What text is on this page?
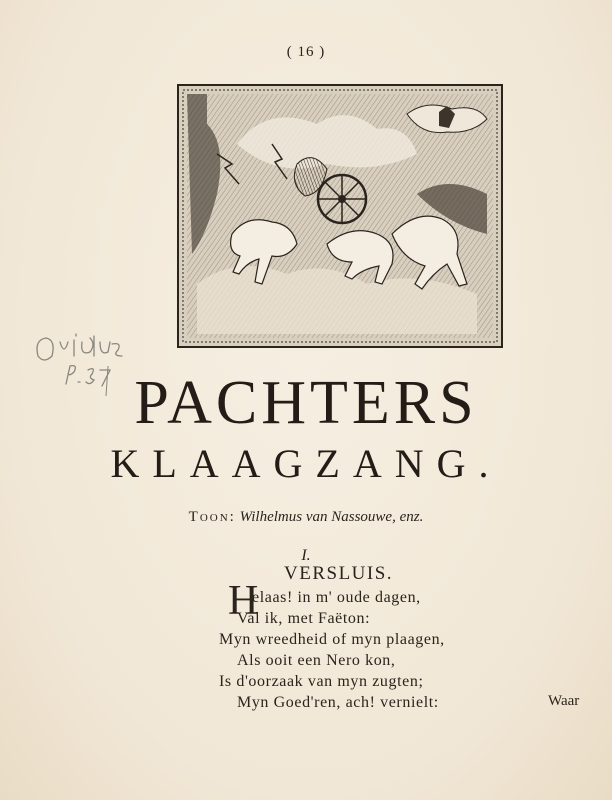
( 16 )
PACHTERS
KLAAGZANG.
Toon: Wilhelmus van Nassouwe, enz.
I.
VERSLUIS.
H
elaas! in m' oude dagen,
Val ik, met Faëton:
Myn wreedheid of myn plaagen,
Als ooit een Nero kon,
Is d'oorzaak van myn zugten;
Myn Goed'ren, ach! vernielt:	Waar
